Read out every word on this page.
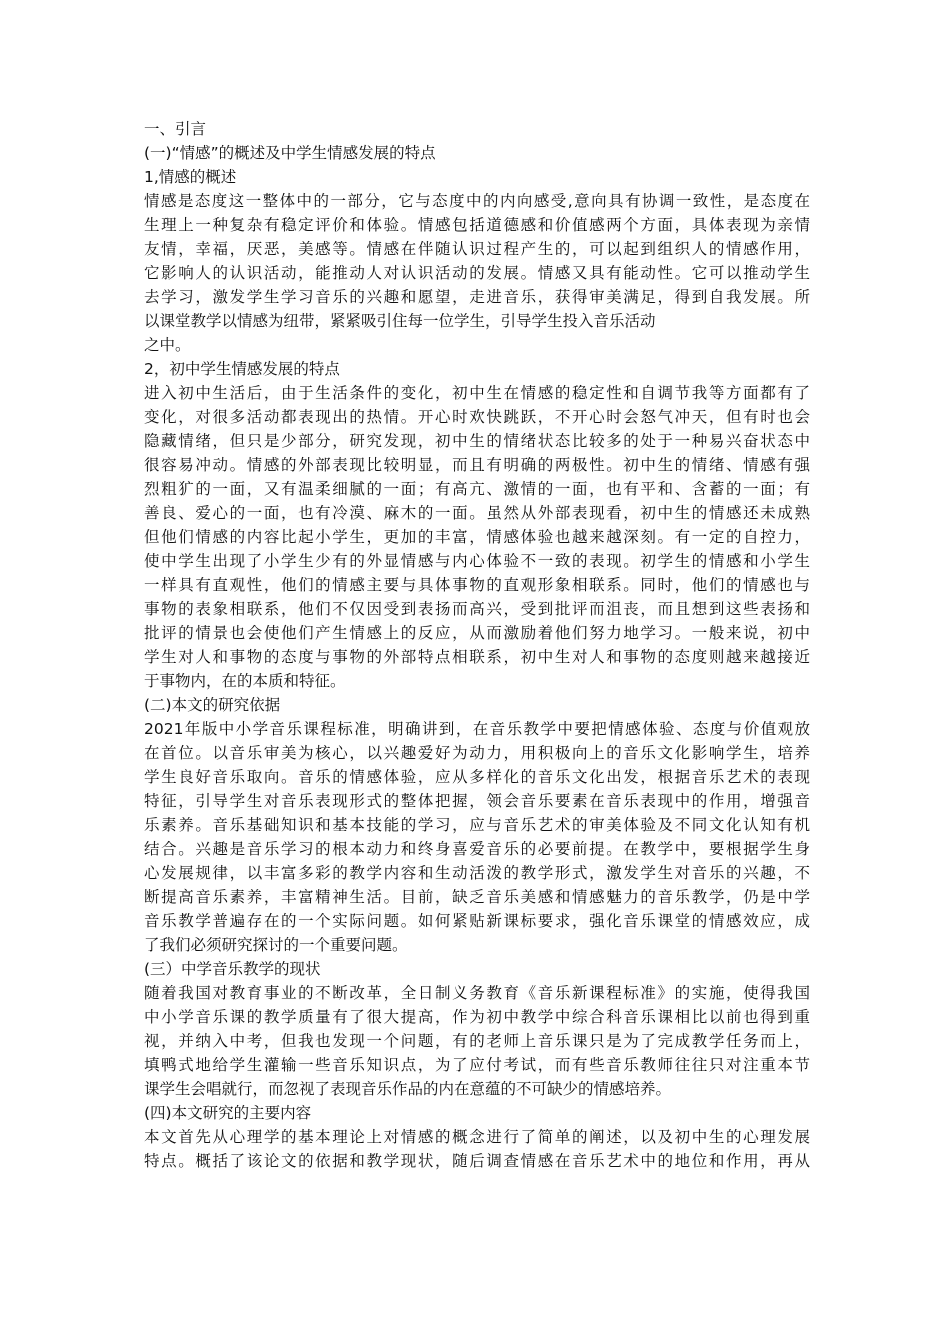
一、引言
(一)“情感”的概述及中学生情感发展的特点
1,情感的概述
情感是态度这一整体中的一部分，它与态度中的内向感受,意向具有协调一致性，是态度在
生理上一种复杂有稳定评价和体验。情感包括道德感和价值感两个方面，具体表现为亲情
友情，幸福，厌恶，美感等。情感在伴随认识过程产生的，可以起到组织人的情感作用，
它影响人的认识活动，能推动人对认识活动的发展。情感又具有能动性。它可以推动学生
去学习，激发学生学习音乐的兴趣和愿望，走进音乐，获得审美满足，得到自我发展。所
以课堂教学以情感为纽带，紧紧吸引住每一位学生，引导学生投入音乐活动
之中。
2，初中学生情感发展的特点
进入初中生活后，由于生活条件的变化，初中生在情感的稳定性和自调节我等方面都有了
变化，对很多活动都表现出的热情。开心时欢快跳跃，不开心时会怒气冲天，但有时也会
隐藏情绪，但只是少部分，研究发现，初中生的情绪状态比较多的处于一种易兴奋状态中
很容易冲动。情感的外部表现比较明显，而且有明确的两极性。初中生的情绪、情感有强
烈粗犷的一面，又有温柔细腻的一面；有高亢、激情的一面，也有平和、含蓄的一面；有
善良、爱心的一面，也有冷漠、麻木的一面。虽然从外部表现看，初中生的情感还未成熟
但他们情感的内容比起小学生，更加的丰富，情感体验也越来越深刻。有一定的自控力，
使中学生出现了小学生少有的外显情感与内心体验不一致的表现。初学生的情感和小学生
一样具有直观性，他们的情感主要与具体事物的直观形象相联系。同时，他们的情感也与
事物的表象相联系，他们不仅因受到表扬而高兴，受到批评而沮丧，而且想到这些表扬和
批评的情景也会使他们产生情感上的反应，从而激励着他们努力地学习。一般来说，初中
学生对人和事物的态度与事物的外部特点相联系，初中生对人和事物的态度则越来越接近
于事物内，在的本质和特征。
(二)本文的研究依据
2021年版中小学音乐课程标准，明确讲到，在音乐教学中要把情感体验、态度与价值观放
在首位。以音乐审美为核心，以兴趣爱好为动力，用积极向上的音乐文化影响学生，培养
学生良好音乐取向。音乐的情感体验，应从多样化的音乐文化出发，根据音乐艺术的表现
特征，引导学生对音乐表现形式的整体把握，领会音乐要素在音乐表现中的作用，增强音
乐素养。音乐基础知识和基本技能的学习，应与音乐艺术的审美体验及不同文化认知有机
结合。兴趣是音乐学习的根本动力和终身喜爱音乐的必要前提。在教学中，要根据学生身
心发展规律，以丰富多彩的教学内容和生动活泼的教学形式，激发学生对音乐的兴趣，不
断提高音乐素养，丰富精神生活。目前，缺乏音乐美感和情感魅力的音乐教学，仍是中学
音乐教学普遍存在的一个实际问题。如何紧贴新课标要求，强化音乐课堂的情感效应，成
了我们必须研究探讨的一个重要问题。
(三）中学音乐教学的现状
随着我国对教育事业的不断改革，全日制义务教育《音乐新课程标准》的实施，使得我国
中小学音乐课的教学质量有了很大提高，作为初中教学中综合科音乐课相比以前也得到重
视，并纳入中考，但我也发现一个问题，有的老师上音乐课只是为了完成教学任务而上，
填鸭式地给学生灌输一些音乐知识点，为了应付考试，而有些音乐教师往往只对注重本节
课学生会唱就行，而忽视了表现音乐作品的内在意蕴的不可缺少的情感培养。
(四)本文研究的主要内容
本文首先从心理学的基本理论上对情感的概念进行了简单的阐述，以及初中生的心理发展
特点。概括了该论文的依据和教学现状，随后调查情感在音乐艺术中的地位和作用，再从
